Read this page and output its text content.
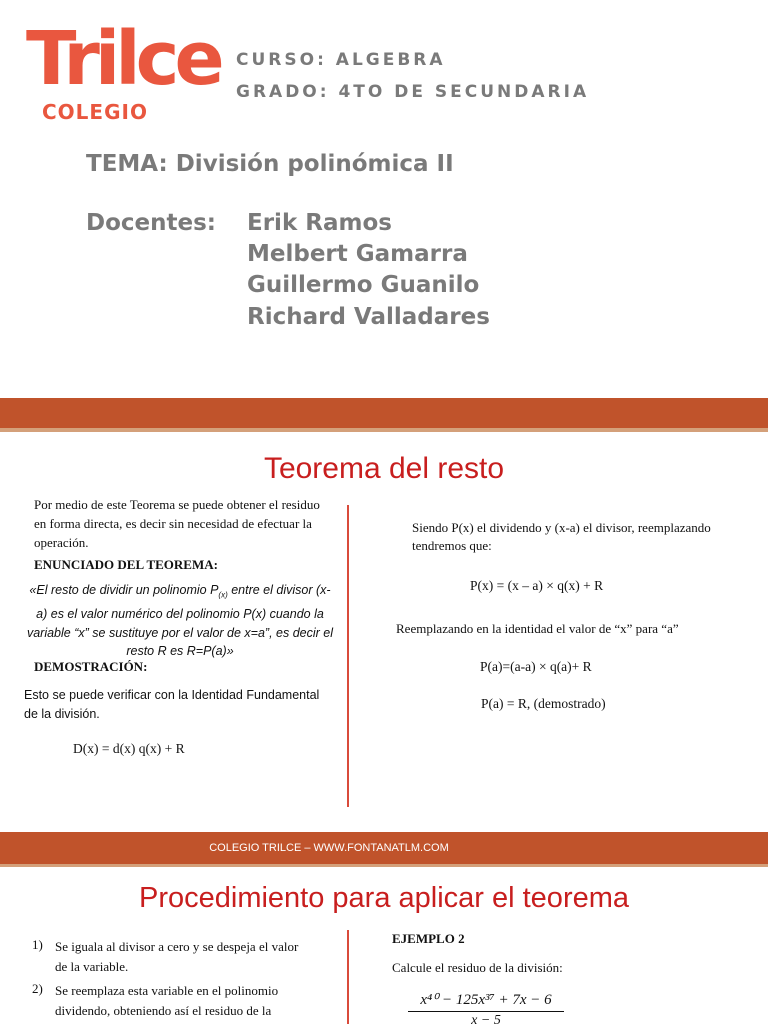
Trilce
COLEGIO
CURSO: ALGEBRA
GRADO: 4TO DE SECUNDARIA
TEMA: División polinómica II
Docentes: Erik Ramos
Melbert Gamarra
Guillermo Guanilo
Richard Valladares
Teorema del resto
Por medio de este Teorema se puede obtener el residuo en forma directa, es decir sin necesidad de efectuar la operación.
ENUNCIADO DEL TEOREMA:
«El resto de dividir un polinomio $P_{(x)}$ entre el divisor (x-a) es el valor numérico del polinomio P(x) cuando la variable “x” se sustituye por el valor de x=a”, es decir el resto R es R=P(a)»
DEMOSTRACIÓN:
Esto se puede verificar con la Identidad Fundamental de la división.
D(x) = d(x) q(x) + R
Siendo P(x) el dividendo y (x-a) el divisor, reemplazando tendremos que:
P(x) = (x – a) × q(x) + R
Reemplazando en la identidad el valor de “x” para “a”
P(a)=(a-a) × q(a)+ R
P(a) = R, (demostrado)
COLEGIO TRILCE – WWW.FONTANATLM.COM
Procedimiento para aplicar el teorema
1) Se iguala al divisor a cero y se despeja el valor
de la variable.
2) Se reemplaza esta variable en el polinomio
dividendo, obteniendo así el residuo de la
EJEMPLO 2
Calcule el residuo de la división:
x⁴⁰ − 125x³⁷ + 7x − 6
x − 5
